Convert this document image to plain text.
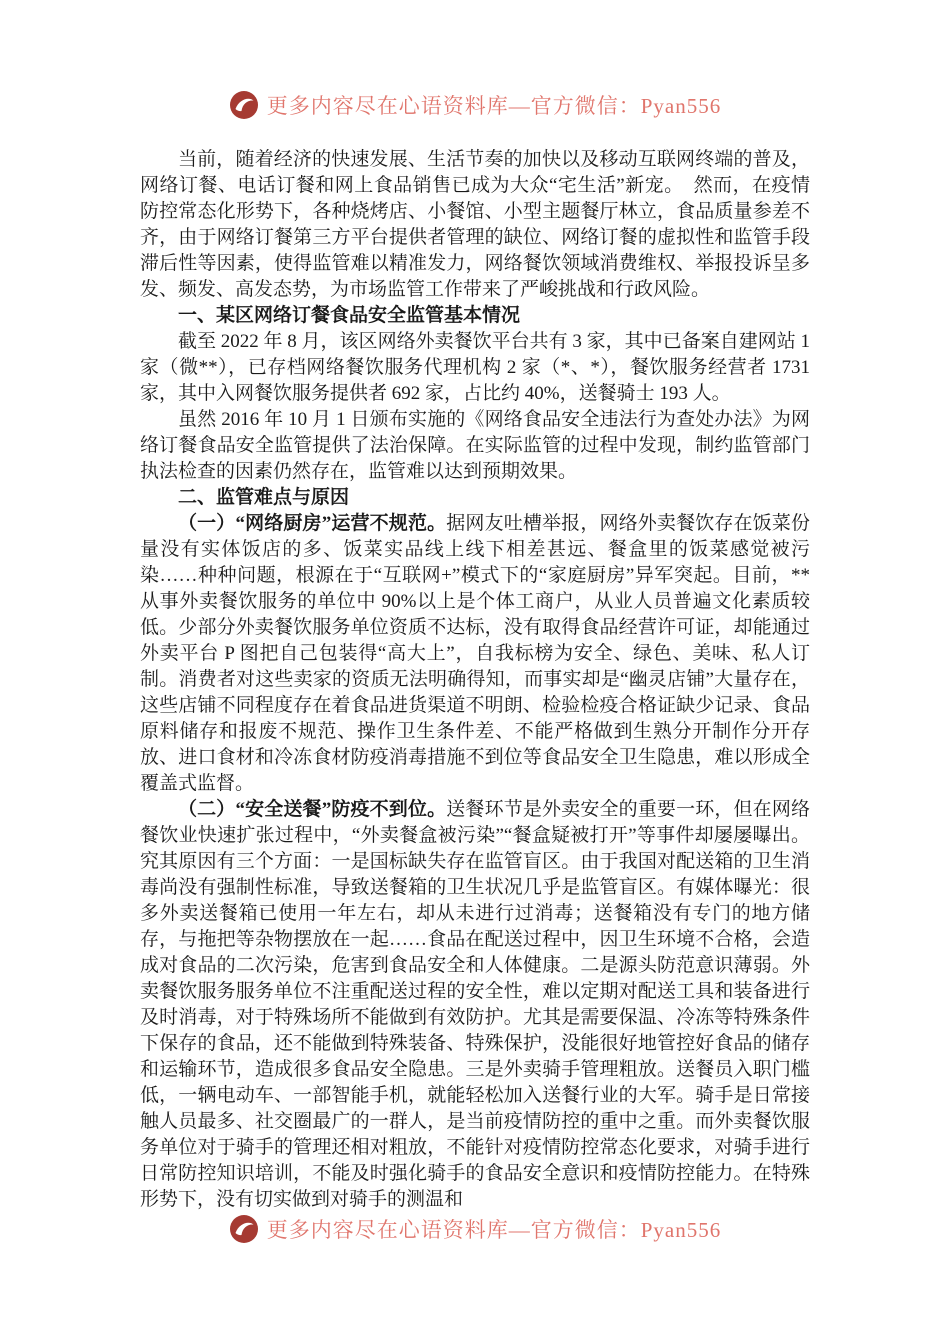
更多内容尽在心语资料库—官方微信：Pyan556

当前，随着经济的快速发展、生活节奏的加快以及移动互联网终端的普及，网络订餐、电话订餐和网上食品销售已成为大众“宅生活”新宠。　然而，在疫情防控常态化形势下，各种烧烤店、小餐馆、小型主题餐厅林立，食品质量参差不齐，由于网络订餐第三方平台提供者管理的缺位、网络订餐的虚拟性和监管手段滞后性等因素，使得监管难以精准发力，网络餐饮领域消费维权、举报投诉呈多发、频发、高发态势，为市场监管工作带来了严峻挑战和行政风险。

一、某区网络订餐食品安全监管基本情况

截至 2022 年 8 月，该区网络外卖餐饮平台共有 3 家，其中已备案自建网站 1 家（微**），已存档网络餐饮服务代理机构 2 家（*、*），餐饮服务经营者 1731 家，其中入网餐饮服务提供者 692 家，占比约 40%，送餐骑士 193 人。

虽然 2016 年 10 月 1 日颁布实施的《网络食品安全违法行为查处办法》为网络订餐食品安全监管提供了法治保障。在实际监管的过程中发现，制约监管部门执法检查的因素仍然存在，监管难以达到预期效果。

二、监管难点与原因

（一）“网络厨房”运营不规范。据网友吐槽举报，网络外卖餐饮存在饭菜份量没有实体饭店的多、饭菜实品线上线下相差甚远、餐盒里的饭菜感觉被污染……种种问题，根源在于“互联网+”模式下的“家庭厨房”异军突起。目前，**从事外卖餐饮服务的单位中 90%以上是个体工商户，从业人员普遍文化素质较低。少部分外卖餐饮服务单位资质不达标，没有取得食品经营许可证，却能通过外卖平台 P 图把自己包装得“高大上”，自我标榜为安全、绿色、美味、私人订制。消费者对这些卖家的资质无法明确得知，而事实却是“幽灵店铺”大量存在，这些店铺不同程度存在着食品进货渠道不明朗、检验检疫合格证缺少记录、食品原料储存和报废不规范、操作卫生条件差、不能严格做到生熟分开制作分开存放、进口食材和冷冻食材防疫消毒措施不到位等食品安全卫生隐患，难以形成全覆盖式监督。

（二）“安全送餐”防疫不到位。送餐环节是外卖安全的重要一环，但在网络餐饮业快速扩张过程中，“外卖餐盒被污染”“餐盒疑被打开”等事件却屡屡曝出。究其原因有三个方面：一是国标缺失存在监管盲区。由于我国对配送箱的卫生消毒尚没有强制性标准，导致送餐箱的卫生状况几乎是监管盲区。有媒体曝光：很多外卖送餐箱已使用一年左右，却从未进行过消毒；送餐箱没有专门的地方储存，与拖把等杂物摆放在一起……食品在配送过程中，因卫生环境不合格，会造成对食品的二次污染，危害到食品安全和人体健康。二是源头防范意识薄弱。外卖餐饮服务服务单位不注重配送过程的安全性，难以定期对配送工具和装备进行及时消毒，对于特殊场所不能做到有效防护。尤其是需要保温、冷冻等特殊条件下保存的食品，还不能做到特殊装备、特殊保护，没能很好地管控好食品的储存和运输环节，造成很多食品安全隐患。三是外卖骑手管理粗放。送餐员入职门槛低，一辆电动车、一部智能手机，就能轻松加入送餐行业的大军。骑手是日常接触人员最多、社交圈最广的一群人，是当前疫情防控的重中之重。而外卖餐饮服务单位对于骑手的管理还相对粗放，不能针对疫情防控常态化要求，对骑手进行日常防控知识培训，不能及时强化骑手的食品安全意识和疫情防控能力。在特殊形势下，没有切实做到对骑手的测温和

更多内容尽在心语资料库—官方微信：Pyan556
